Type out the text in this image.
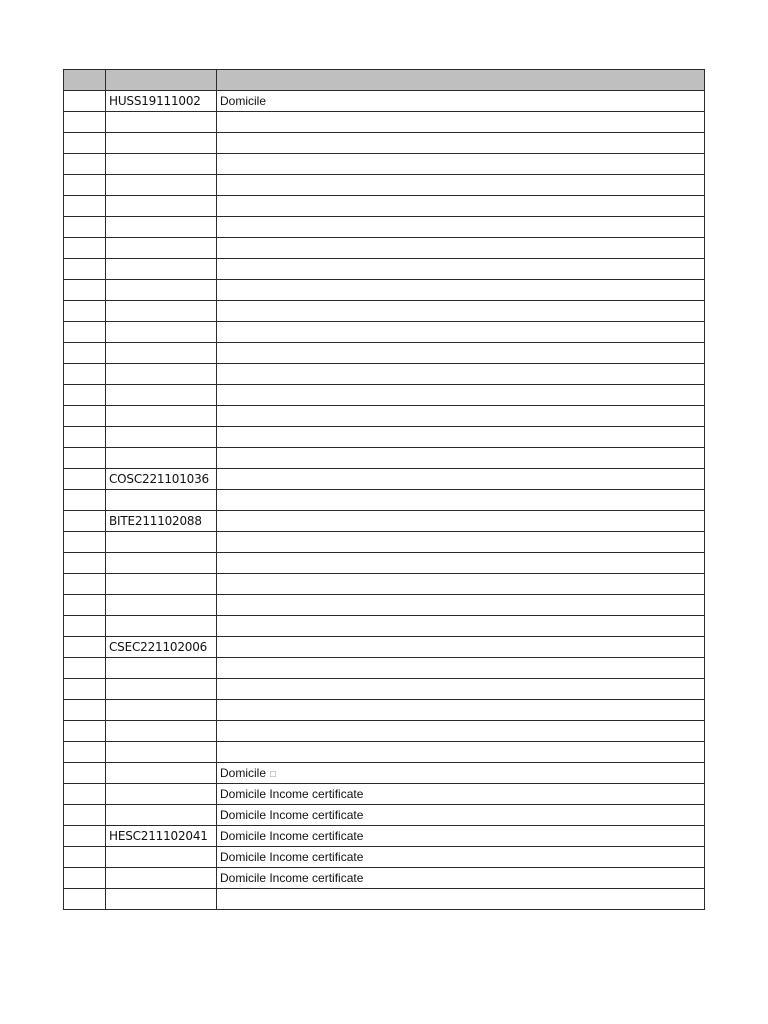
	HUSS19111002	Domicile

	COSC221101036	

	BITE211102088	

	CSEC221102006	

		Domicile □
		Domicile Income certificate
		Domicile Income certificate
	HESC211102041	Domicile Income certificate
		Domicile Income certificate
		Domicile Income certificate
